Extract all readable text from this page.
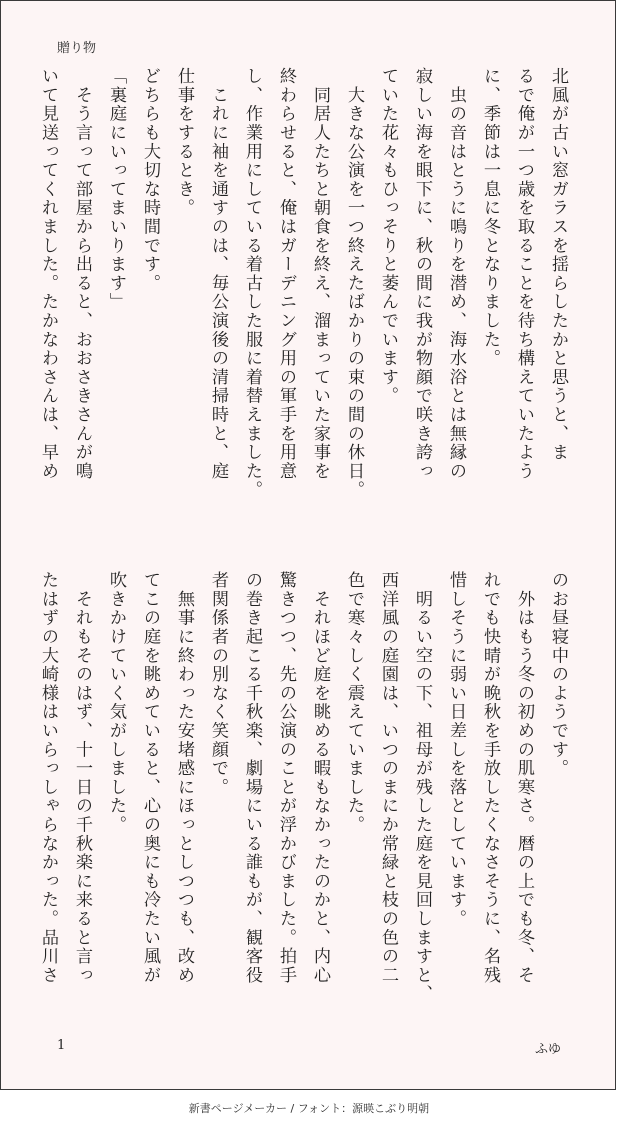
贈り物
北風が古い窓ガラスを揺らしたかと思うと、ま
るで俺が一つ歳を取ることを待ち構えていたよう
に、季節は一息に冬となりました。
　虫の音はとうに鳴りを潜め、海水浴とは無縁の
寂しい海を眼下に、秋の間に我が物顔で咲き誇っ
ていた花々もひっそりと萎んでいます。
　大きな公演を一つ終えたばかりの束の間の休日。
　同居人たちと朝食を終え、溜まっていた家事を
終わらせると、俺はガーデニング用の軍手を用意
し、作業用にしている着古した服に着替えました。
　これに袖を通すのは、毎公演後の清掃時と、庭
仕事をするとき。
どちらも大切な時間です。
「裏庭にいってまいります」
　そう言って部屋から出ると、おおさきさんが鳴
いて見送ってくれました。たかなわさんは、早め
のお昼寝中のようです。
　外はもう冬の初めの肌寒さ。暦の上でも冬、そ
れでも快晴が晩秋を手放したくなさそうに、名残
惜しそうに弱い日差しを落としています。
　明るい空の下、祖母が残した庭を見回しますと、
西洋風の庭園は、いつのまにか常緑と枝の色の二
色で寒々しく震えていました。
　それほど庭を眺める暇もなかったのかと、内心
驚きつつ、先の公演のことが浮かびました。拍手
の巻き起こる千秋楽、劇場にいる誰もが、観客役
者関係者の別なく笑顔で。
　無事に終わった安堵感にほっとしつつも、改め
てこの庭を眺めていると、心の奥にも冷たい風が
吹きかけていく気がしました。
　それもそのはず、十一日の千秋楽に来ると言っ
たはずの大崎様はいらっしゃらなかった。品川さ
1	ふゆ
新書ページメーカー / フォント：源暎こぶり明朝
